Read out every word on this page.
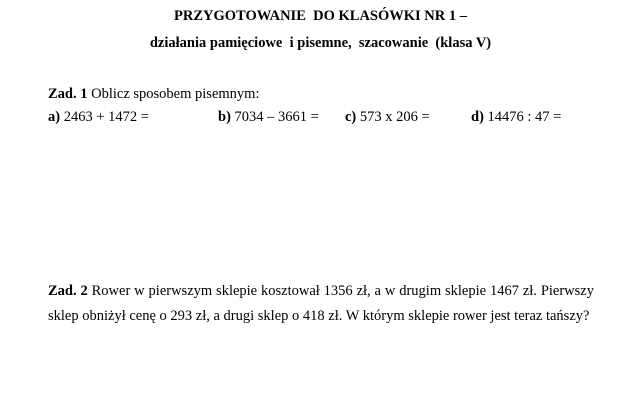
PRZYGOTOWANIE  DO KLASÓWKI NR 1 –
działania pamięciowe  i pisemne,  szacowanie  (klasa V)
Zad. 1 Oblicz sposobem pisemnym:
a) 2463 + 1472 =	b) 7034 – 3661 = c) 573 x 206 =	d) 14476 : 47 =
Zad. 2 Rower w pierwszym sklepie kosztował 1356 zł, a w drugim sklepie 1467 zł. Pierwszy
sklep obniżył cenę o 293 zł, a drugi sklep o 418 zł. W którym sklepie rower jest teraz tańszy?
